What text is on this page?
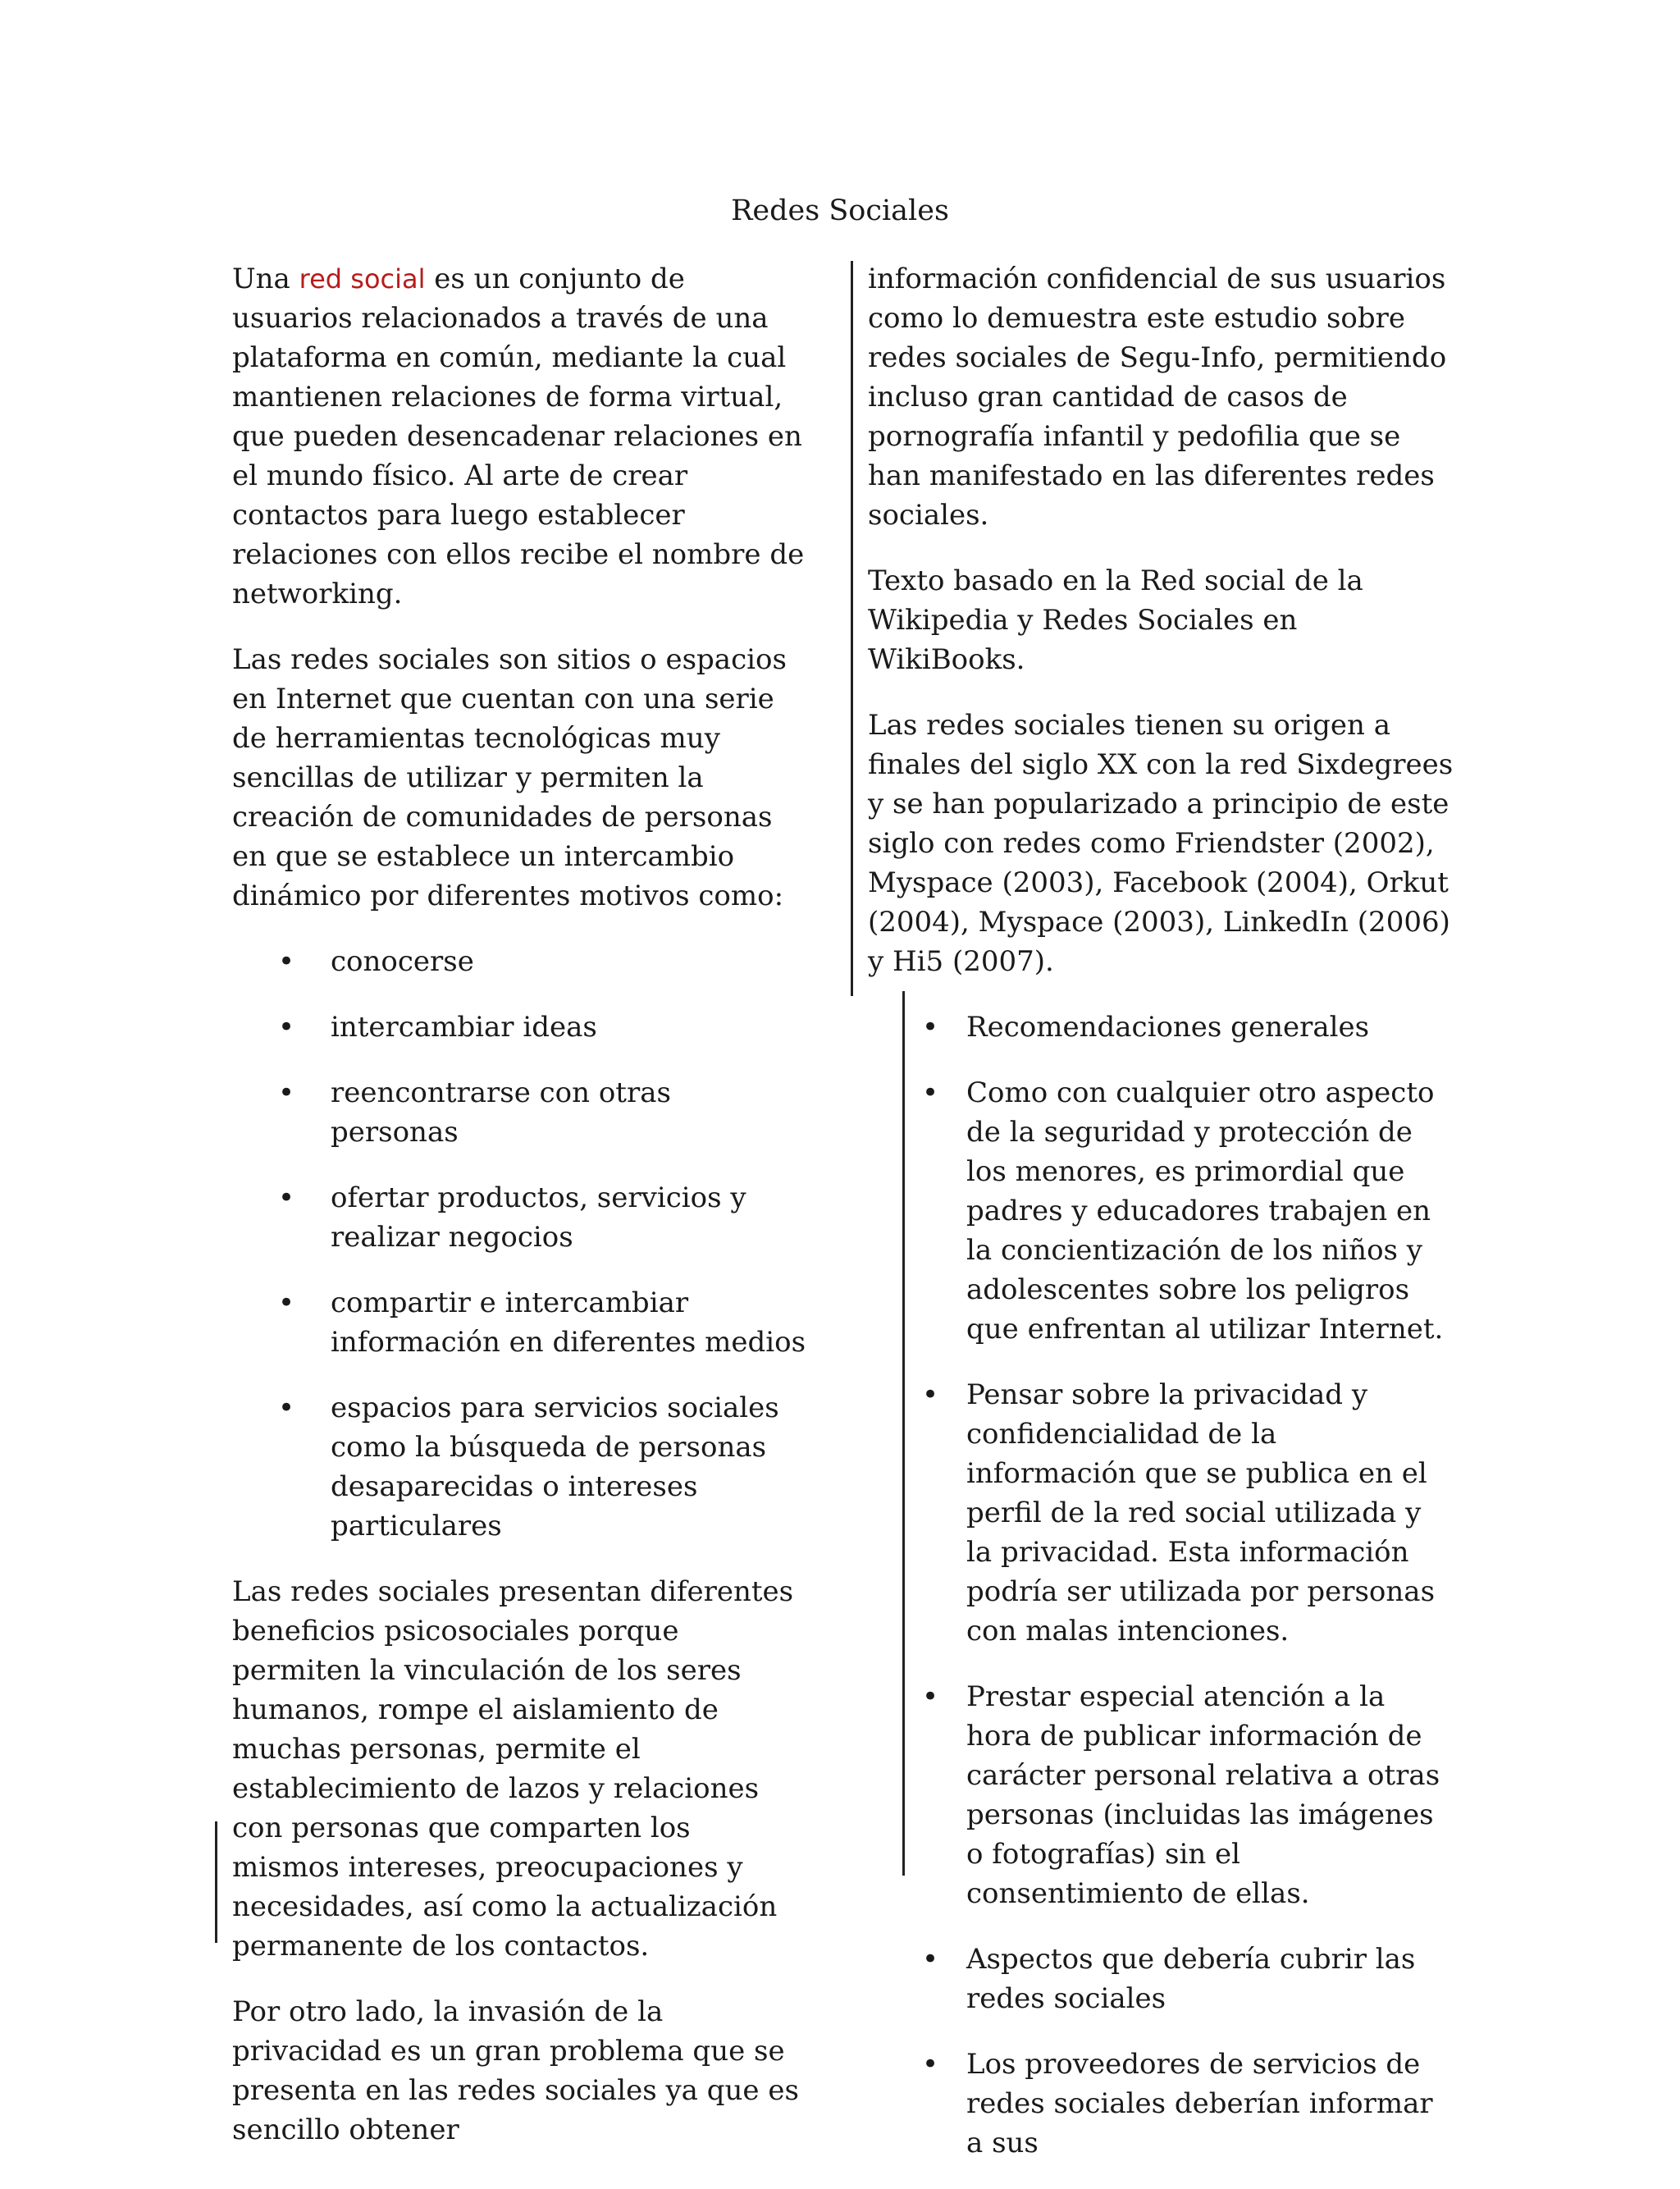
Redes Sociales

Una red social es un conjunto de usuarios relacionados a través de una plataforma en común, mediante la cual mantienen relaciones de forma virtual, que pueden desencadenar relaciones en el mundo físico. Al arte de crear contactos para luego establecer relaciones con ellos recibe el nombre de networking.

Las redes sociales son sitios o espacios en Internet que cuentan con una serie de herramientas tecnológicas muy sencillas de utilizar y permiten la creación de comunidades de personas en que se establece un intercambio dinámico por diferentes motivos como:

• conocerse
• intercambiar ideas
• reencontrarse con otras personas
• ofertar productos, servicios y realizar negocios
• compartir e intercambiar información en diferentes medios
• espacios para servicios sociales como la búsqueda de personas desaparecidas o intereses particulares

Las redes sociales presentan diferentes beneficios psicosociales porque permiten la vinculación de los seres humanos, rompe el aislamiento de muchas personas, permite el establecimiento de lazos y relaciones con personas que comparten los mismos intereses, preocupaciones y necesidades, así como la actualización permanente de los contactos.

Por otro lado, la invasión de la privacidad es un gran problema que se presenta en las redes sociales ya que es sencillo obtener

información confidencial de sus usuarios como lo demuestra este estudio sobre redes sociales de Segu-Info, permitiendo incluso gran cantidad de casos de pornografía infantil y pedofilia que se han manifestado en las diferentes redes sociales.

Texto basado en la Red social de la Wikipedia y Redes Sociales en WikiBooks.

Las redes sociales tienen su origen a finales del siglo XX con la red Sixdegrees y se han popularizado a principio de este siglo con redes como Friendster (2002), Myspace (2003), Facebook (2004), Orkut (2004), Myspace (2003), LinkedIn (2006) y Hi5 (2007).

• Recomendaciones generales
• Como con cualquier otro aspecto de la seguridad y protección de los menores, es primordial que padres y educadores trabajen en la concientización de los niños y adolescentes sobre los peligros que enfrentan al utilizar Internet.
• Pensar sobre la privacidad y confidencialidad de la información que se publica en el perfil de la red social utilizada y la privacidad. Esta información podría ser utilizada por personas con malas intenciones.
• Prestar especial atención a la hora de publicar información de carácter personal relativa a otras personas (incluidas las imágenes o fotografías) sin el consentimiento de ellas.
• Aspectos que debería cubrir las redes sociales
• Los proveedores de servicios de redes sociales deberían informar a sus
